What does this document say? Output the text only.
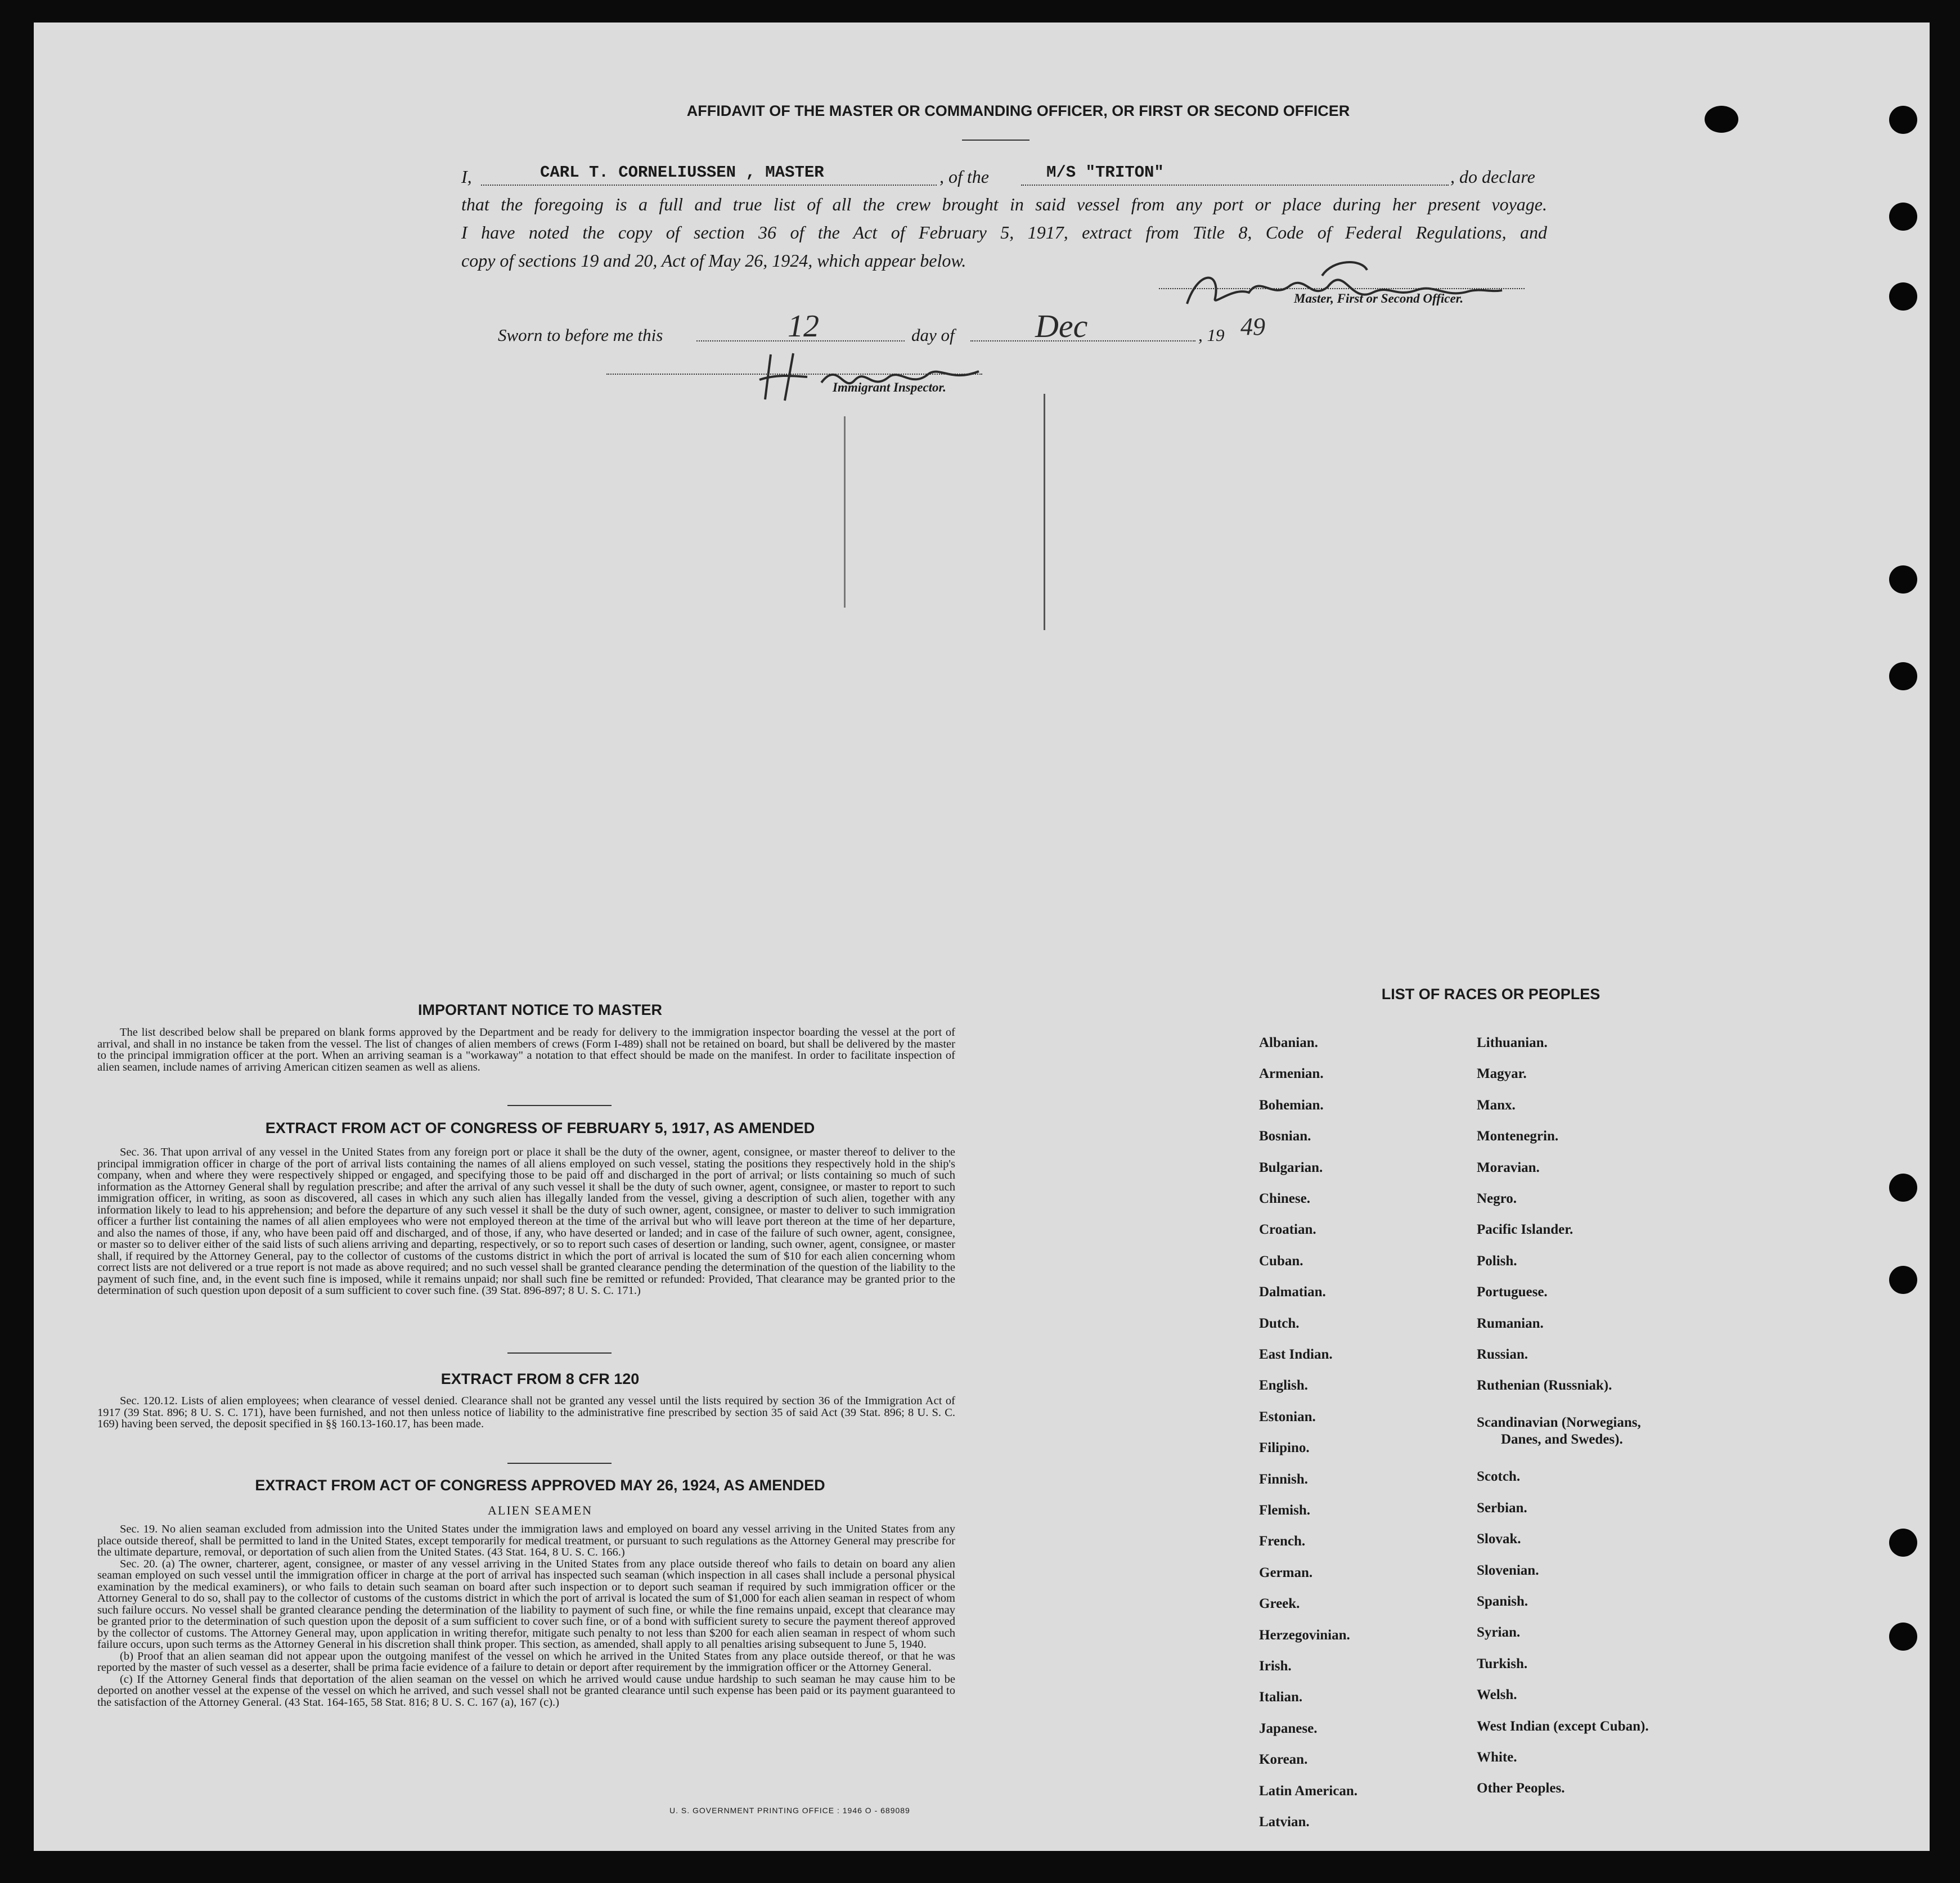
AFFIDAVIT OF THE MASTER OR COMMANDING OFFICER, OR FIRST OR SECOND OFFICER
I,	CARL T. CORNELIUSSEN , MASTER	, of the	M/S "TRITON"	, do declare
that the foregoing is a full and true list of all the crew brought in said vessel from any port or place during her present voyage.
I have noted the copy of section 36 of the Act of February 5, 1917, extract from Title 8, Code of Federal Regulations, and
copy of sections 19 and 20, Act of May 26, 1924, which appear below.
Master, First or Second Officer.
Sworn to before me this	12	day of Dec	, 19 49
Immigrant Inspector.
IMPORTANT NOTICE TO MASTER

The list described below shall be prepared on blank forms approved by the Department and be ready for delivery to the immigration inspector boarding the vessel at the port of arrival, and shall in no instance be taken from the vessel. The list of changes of alien members of crews (Form I-489) shall not be retained on board, but shall be delivered by the master to the principal immigration officer at the port. When an arriving seaman is a "workaway" a notation to that effect should be made on the manifest. In order to facilitate inspection of alien seamen, include names of arriving American citizen seamen as well as aliens.

EXTRACT FROM ACT OF CONGRESS OF FEBRUARY 5, 1917, AS AMENDED

Sec. 36. That upon arrival of any vessel in the United States from any foreign port or place it shall be the duty of the owner, agent, consignee, or master thereof to deliver to the principal immigration officer in charge of the port of arrival lists containing the names of all aliens employed on such vessel, stating the positions they respectively hold in the ship's company, when and where they were respectively shipped or engaged, and specifying those to be paid off and discharged in the port of arrival; or lists containing so much of such information as the Attorney General shall by regulation prescribe; and after the arrival of any such vessel it shall be the duty of such owner, agent, consignee, or master to report to such immigration officer, in writing, as soon as discovered, all cases in which any such alien has illegally landed from the vessel, giving a description of such alien, together with any information likely to lead to his apprehension; and before the departure of any such vessel it shall be the duty of such owner, agent, consignee, or master to deliver to such immigration officer a further list containing the names of all alien employees who were not employed thereon at the time of the arrival but who will leave port thereon at the time of her departure, and also the names of those, if any, who have been paid off and discharged, and of those, if any, who have deserted or landed; and in case of the failure of such owner, agent, consignee, or master so to deliver either of the said lists of such aliens arriving and departing, respectively, or so to report such cases of desertion or landing, such owner, agent, consignee, or master shall, if required by the Attorney General, pay to the collector of customs of the customs district in which the port of arrival is located the sum of $10 for each alien concerning whom correct lists are not delivered or a true report is not made as above required; and no such vessel shall be granted clearance pending the determination of the question of the liability to the payment of such fine, and, in the event such fine is imposed, while it remains unpaid; nor shall such fine be remitted or refunded: Provided, That clearance may be granted prior to the determination of such question upon deposit of a sum sufficient to cover such fine. (39 Stat. 896-897; 8 U. S. C. 171.)

EXTRACT FROM 8 CFR 120

Sec. 120.12. Lists of alien employees; when clearance of vessel denied. Clearance shall not be granted any vessel until the lists required by section 36 of the Immigration Act of 1917 (39 Stat. 896; 8 U. S. C. 171), have been furnished, and not then unless notice of liability to the administrative fine prescribed by section 35 of said Act (39 Stat. 896; 8 U. S. C. 169) having been served, the deposit specified in §§ 160.13-160.17, has been made.

EXTRACT FROM ACT OF CONGRESS APPROVED MAY 26, 1924, AS AMENDED
ALIEN SEAMEN

Sec. 19. No alien seaman excluded from admission into the United States under the immigration laws and employed on board any vessel arriving in the United States from any place outside thereof, shall be permitted to land in the United States, except temporarily for medical treatment, or pursuant to such regulations as the Attorney General may prescribe for the ultimate departure, removal, or deportation of such alien from the United States. (43 Stat. 164, 8 U. S. C. 166.)

Sec. 20. (a) The owner, charterer, agent, consignee, or master of any vessel arriving in the United States from any place outside thereof who fails to detain on board any alien seaman employed on such vessel until the immigration officer in charge at the port of arrival has inspected such seaman (which inspection in all cases shall include a personal physical examination by the medical examiners), or who fails to detain such seaman on board after such inspection or to deport such seaman if required by such immigration officer or the Attorney General to do so, shall pay to the collector of customs of the customs district in which the port of arrival is located the sum of $1,000 for each alien seaman in respect of whom such failure occurs. No vessel shall be granted clearance pending the determination of the liability to payment of such fine, or while the fine remains unpaid, except that clearance may be granted prior to the determination of such question upon the deposit of a sum sufficient to cover such fine, or of a bond with sufficient surety to secure the payment thereof approved by the collector of customs. The Attorney General may, upon application in writing therefor, mitigate such penalty to not less than $200 for each alien seaman in respect of whom such failure occurs, upon such terms as the Attorney General in his discretion shall think proper. This section, as amended, shall apply to all penalties arising subsequent to June 5, 1940.

(b) Proof that an alien seaman did not appear upon the outgoing manifest of the vessel on which he arrived in the United States from any place outside thereof, or that he was reported by the master of such vessel as a deserter, shall be prima facie evidence of a failure to detain or deport after requirement by the immigration officer or the Attorney General.

(c) If the Attorney General finds that deportation of the alien seaman on the vessel on which he arrived would cause undue hardship to such seaman he may cause him to be deported on another vessel at the expense of the vessel on which he arrived, and such vessel shall not be granted clearance until such expense has been paid or its payment guaranteed to the satisfaction of the Attorney General. (43 Stat. 164-165, 58 Stat. 816; 8 U. S. C. 167 (a), 167 (c).)

U. S. GOVERNMENT PRINTING OFFICE : 1946 O - 689089
LIST OF RACES OR PEOPLES
Albanian.
Armenian.
Bohemian.
Bosnian.
Bulgarian.
Chinese.
Croatian.
Cuban.
Dalmatian.
Dutch.
East Indian.
English.
Estonian.
Filipino.
Finnish.
Flemish.
French.
German.
Greek.
Herzegovinian.
Irish.
Italian.
Japanese.
Korean.
Latin American.
Latvian.
Lithuanian.
Magyar.
Manx.
Montenegrin.
Moravian.
Negro.
Pacific Islander.
Polish.
Portuguese.
Rumanian.
Russian.
Ruthenian (Russniak).
Scandinavian (Norwegians,
Danes, and Swedes).
Scotch.
Serbian.
Slovak.
Slovenian.
Spanish.
Syrian.
Turkish.
Welsh.
West Indian (except Cuban).
White.
Other Peoples.
